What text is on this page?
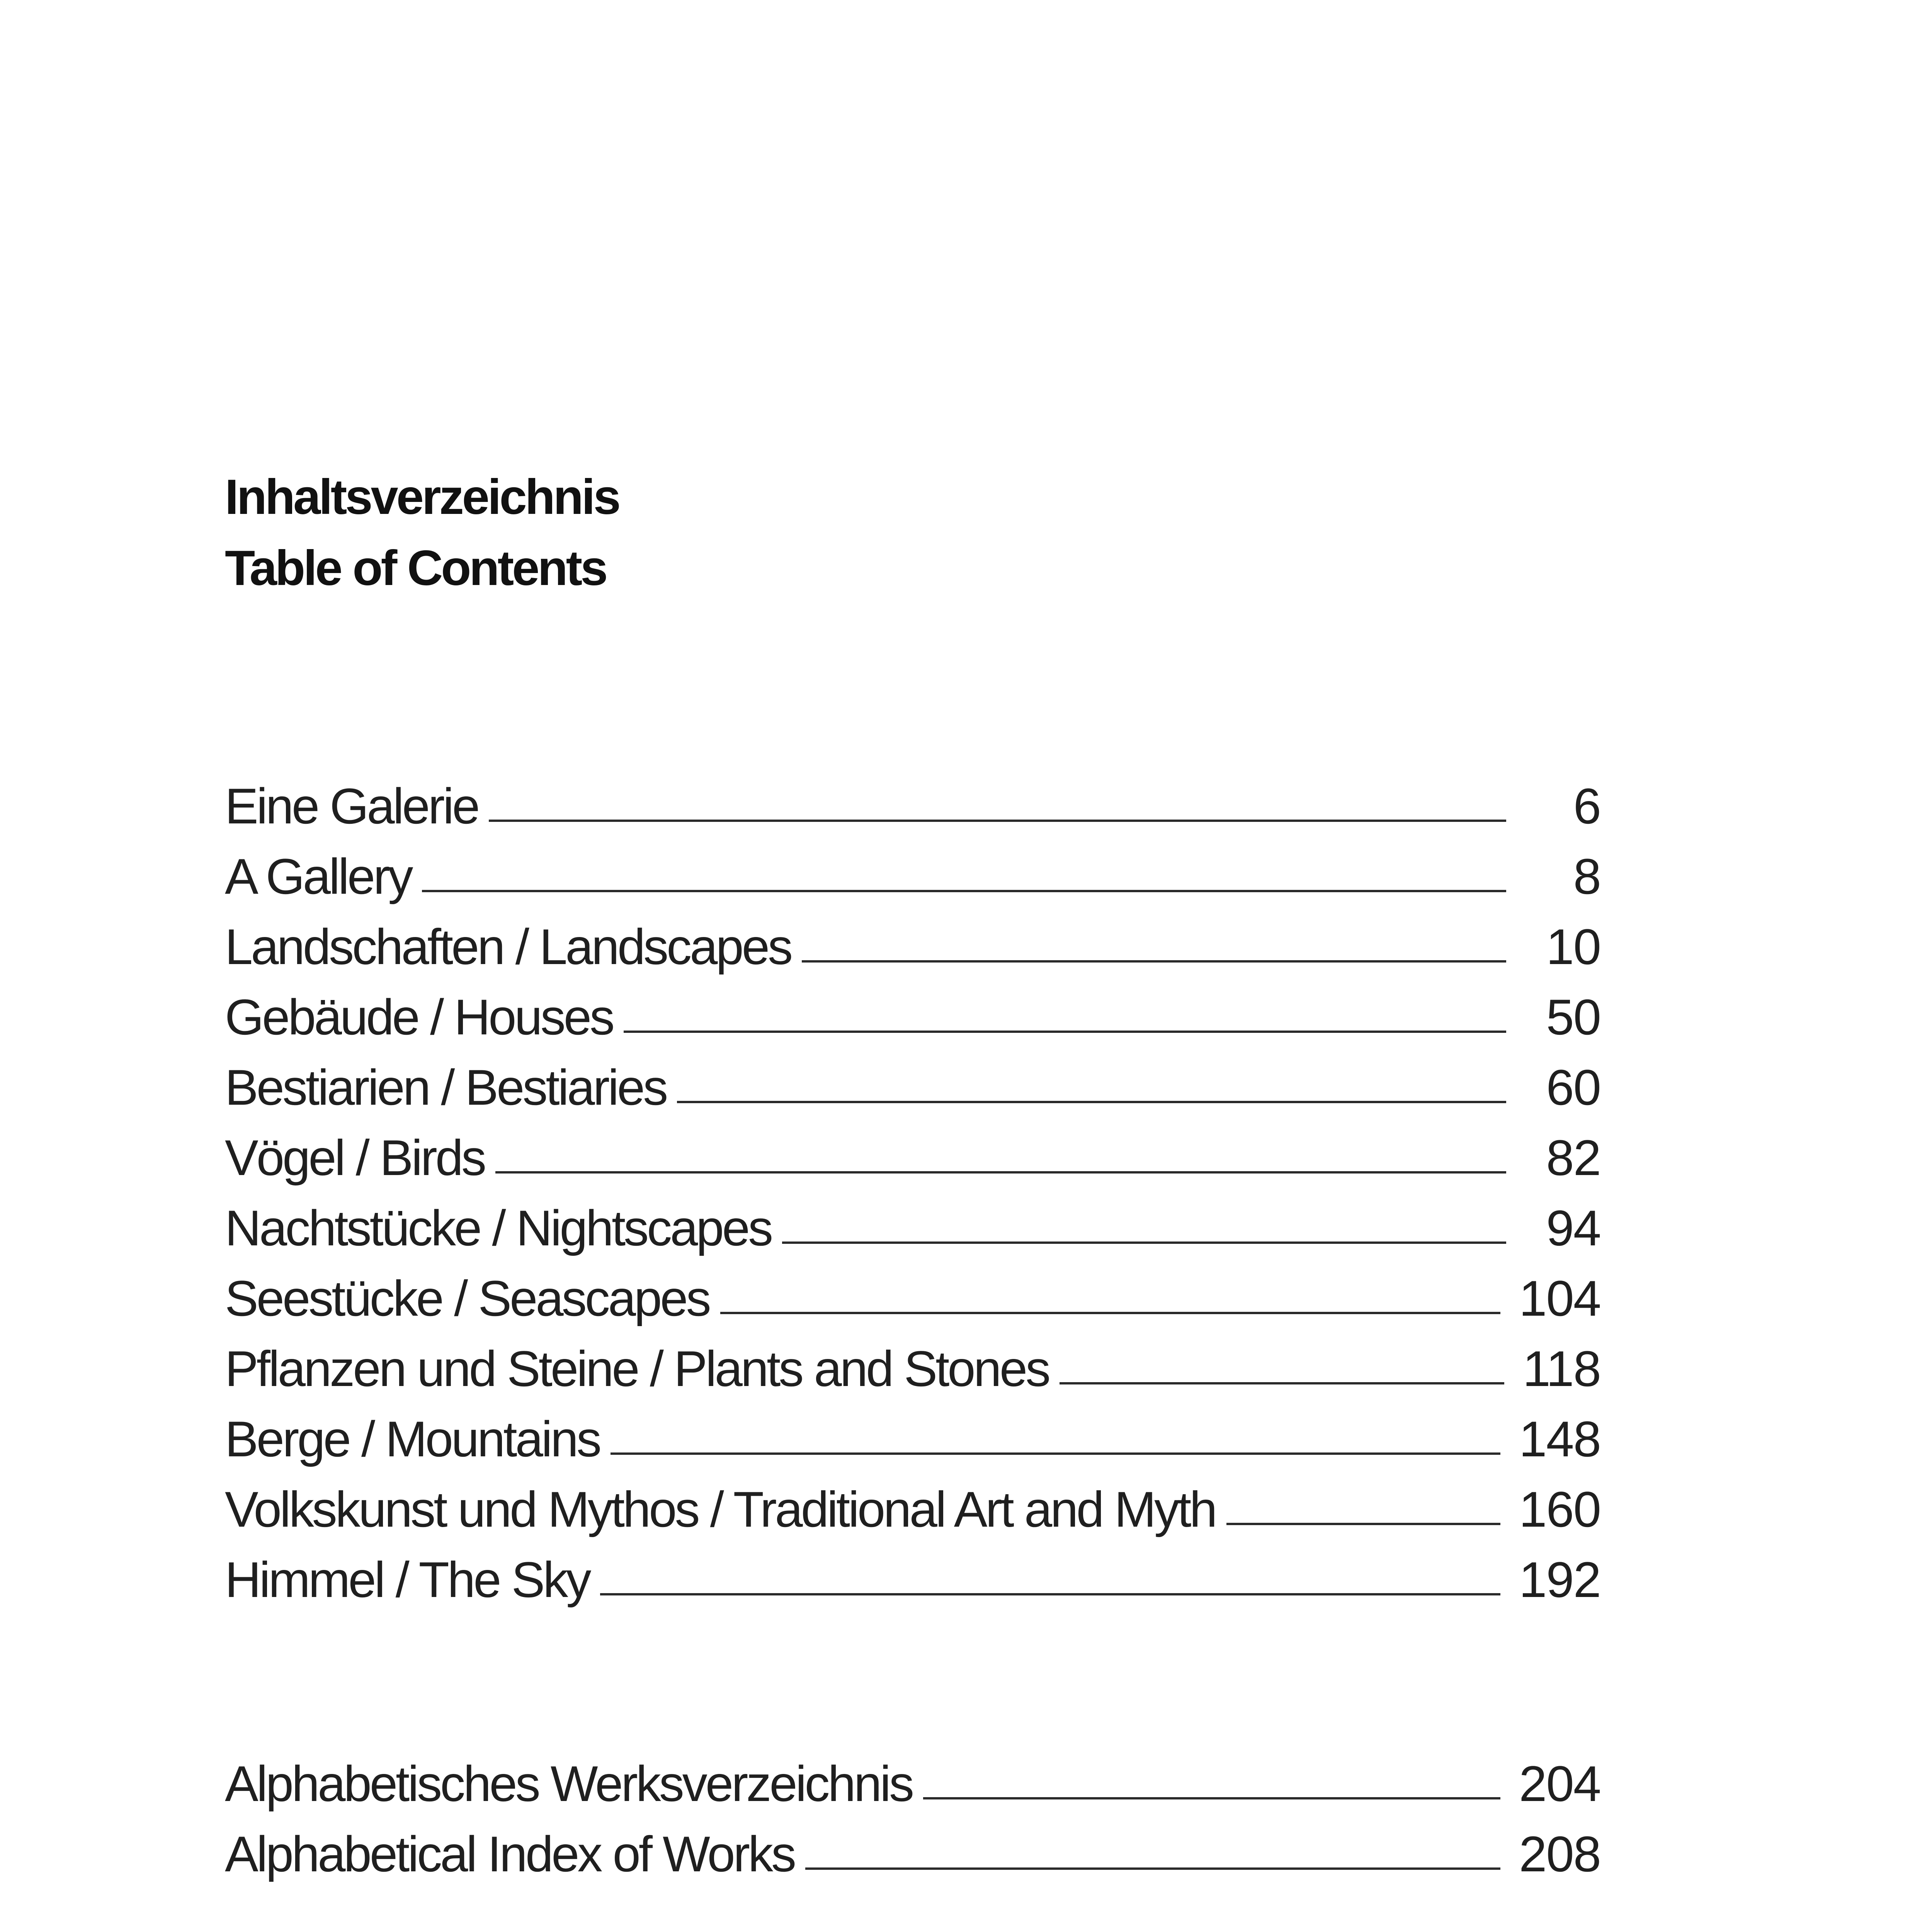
Inhaltsverzeichnis
Table of Contents
Eine Galerie	6
A Gallery	8
Landschaften / Landscapes	10
Gebäude / Houses	50
Bestiarien / Bestiaries	60
Vögel / Birds	82
Nachtstücke / Nightscapes	94
Seestücke / Seascapes	104
Pflanzen und Steine / Plants and Stones	118
Berge / Mountains	148
Volkskunst und Mythos / Traditional Art and Myth	160
Himmel / The Sky	192
Alphabetisches Werksverzeichnis	204
Alphabetical Index of Works	208
